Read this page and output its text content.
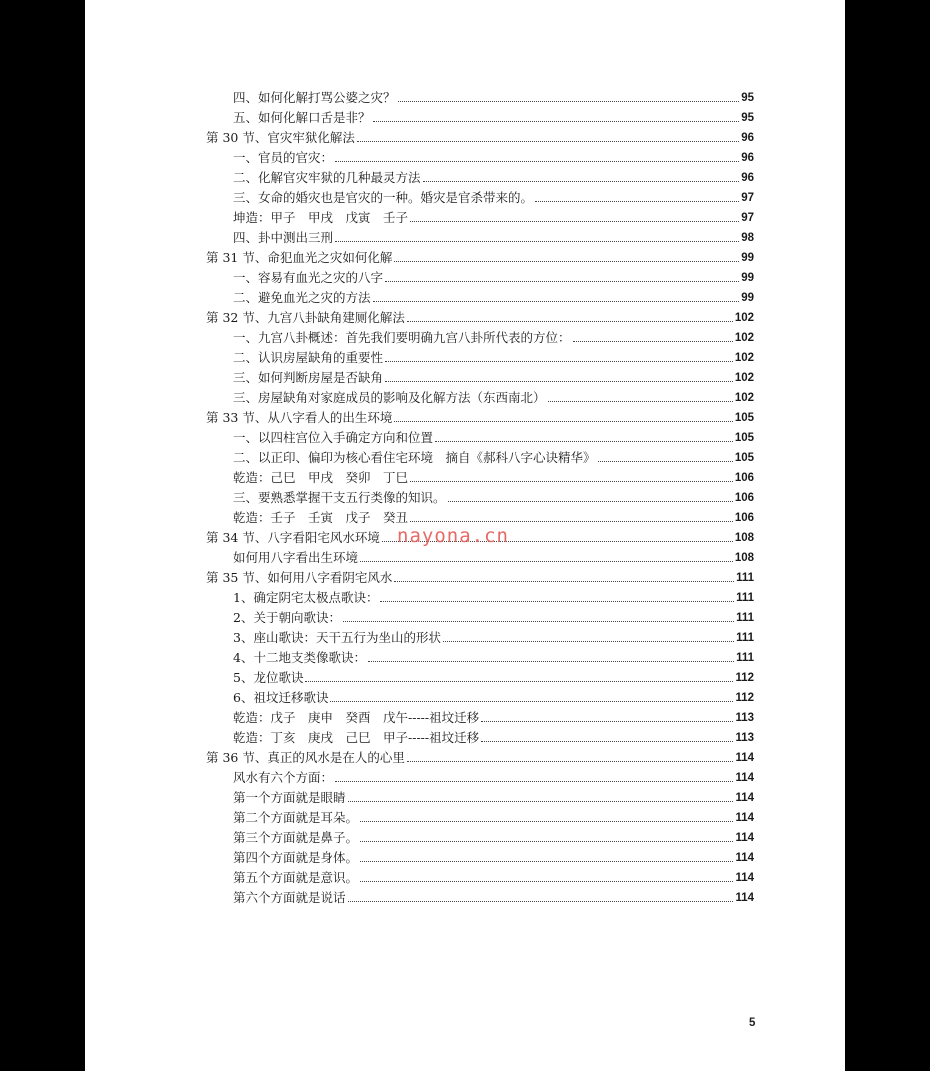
四、如何化解打骂公婆之灾？	95
五、如何化解口舌是非？	95
第 30 节、官灾牢狱化解法	96
一、官员的官灾：	96
二、化解官灾牢狱的几种最灵方法	96
三、女命的婚灾也是官灾的一种。婚灾是官杀带来的。	97
坤造：甲子　甲戌　戊寅　壬子	97
四、卦中测出三刑	98
第 31 节、命犯血光之灾如何化解	99
一、容易有血光之灾的八字	99
二、避免血光之灾的方法	99
第 32 节、九宫八卦缺角建厕化解法	102
一、九宫八卦概述：首先我们要明确九宫八卦所代表的方位：	102
二、认识房屋缺角的重要性	102
三、如何判断房屋是否缺角	102
三、房屋缺角对家庭成员的影响及化解方法（东西南北）	102
第 33 节、从八字看人的出生环境	105
一、以四柱宫位入手确定方向和位置	105
二、以正印、偏印为核心看住宅环境　摘自《郝科八字心诀精华》	105
乾造：己巳　甲戌　癸卯　丁巳	106
三、要熟悉掌握干支五行类像的知识。	106
乾造：壬子　壬寅　戊子　癸丑	106
第 34 节、八字看阳宅风水环境	108
如何用八字看出生环境	108
第 35 节、如何用八字看阴宅风水	111
1、确定阴宅太极点歌诀：	111
2、关于朝向歌诀：	111
3、座山歌诀：天干五行为坐山的形状	111
4、十二地支类像歌诀：	111
5、龙位歌诀	112
6、祖坟迁移歌诀	112
乾造：戊子　庚申　癸酉　戊午-----祖坟迁移	113
乾造：丁亥　庚戌　己巳　甲子-----祖坟迁移	113
第 36 节、真正的风水是在人的心里	114
风水有六个方面：	114
第一个方面就是眼睛	114
第二个方面就是耳朵。	114
第三个方面就是鼻子。	114
第四个方面就是身体。	114
第五个方面就是意识。	114
第六个方面就是说话	114
nayona.cn
5
